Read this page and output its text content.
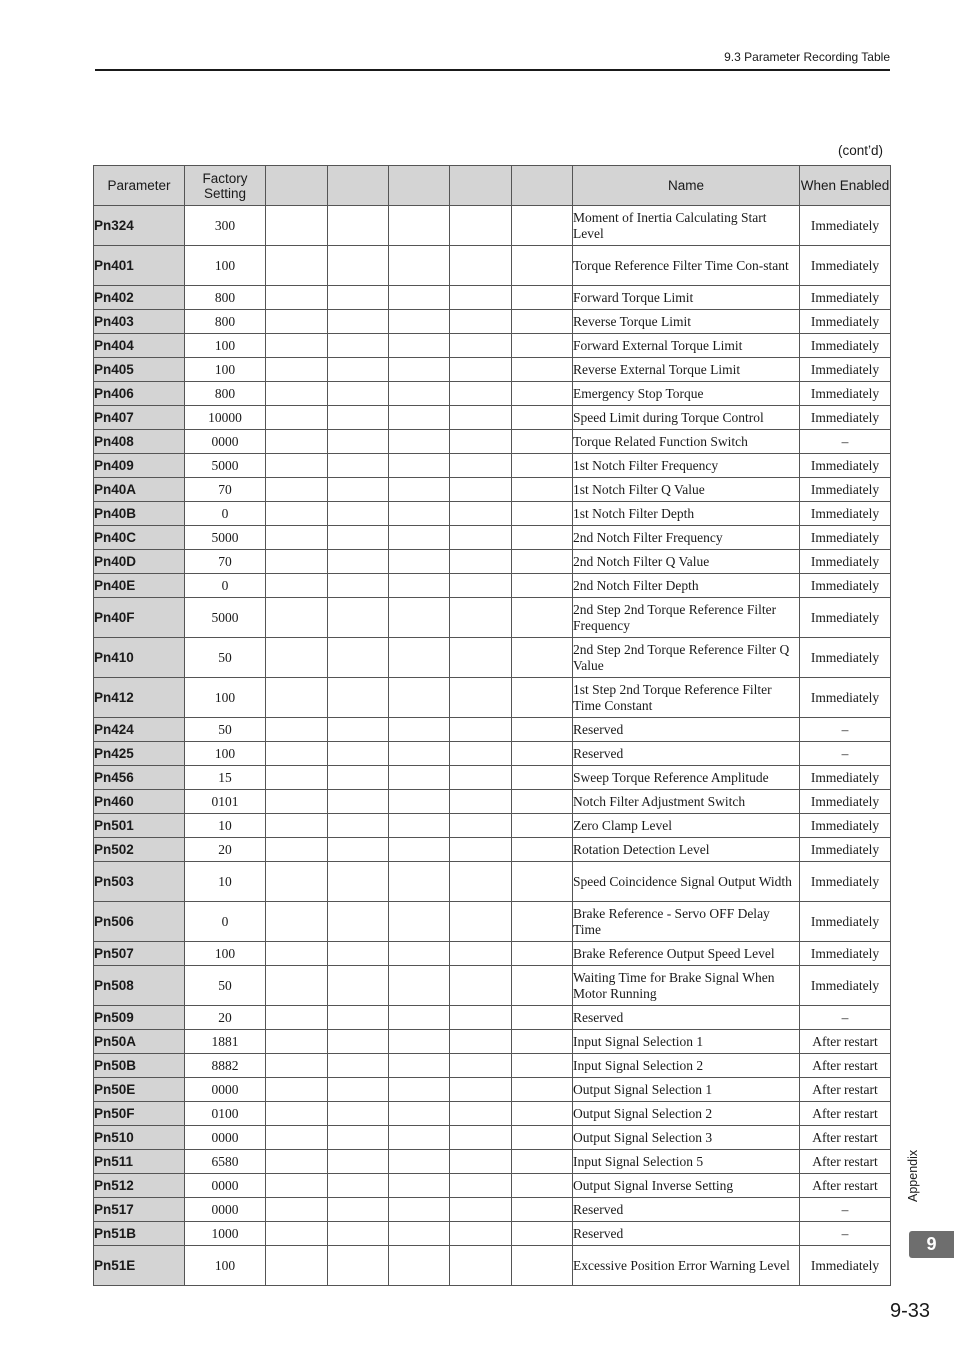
9.3 Parameter Recording Table
(cont’d)
Parameter	Factory Setting						Name	When Enabled
Pn324	300						Moment of Inertia Calculating Start Level	Immediately
Pn401	100						Torque Reference Filter Time Con-stant	Immediately
Pn402	800						Forward Torque Limit	Immediately
Pn403	800						Reverse Torque Limit	Immediately
Pn404	100						Forward External Torque Limit	Immediately
Pn405	100						Reverse External Torque Limit	Immediately
Pn406	800						Emergency Stop Torque	Immediately
Pn407	10000						Speed Limit during Torque Control	Immediately
Pn408	0000						Torque Related Function Switch	–
Pn409	5000						1st Notch Filter Frequency	Immediately
Pn40A	70						1st Notch Filter Q Value	Immediately
Pn40B	0						1st Notch Filter Depth	Immediately
Pn40C	5000						2nd Notch Filter Frequency	Immediately
Pn40D	70						2nd Notch Filter Q Value	Immediately
Pn40E	0						2nd Notch Filter Depth	Immediately
Pn40F	5000						2nd Step 2nd Torque Reference Filter Frequency	Immediately
Pn410	50						2nd Step 2nd Torque Reference Filter Q Value	Immediately
Pn412	100						1st Step 2nd Torque Reference Filter Time Constant	Immediately
Pn424	50						Reserved	–
Pn425	100						Reserved	–
Pn456	15						Sweep Torque Reference Amplitude	Immediately
Pn460	0101						Notch Filter Adjustment Switch	Immediately
Pn501	10						Zero Clamp Level	Immediately
Pn502	20						Rotation Detection Level	Immediately
Pn503	10						Speed Coincidence Signal Output Width	Immediately
Pn506	0						Brake Reference - Servo OFF Delay Time	Immediately
Pn507	100						Brake Reference Output Speed Level	Immediately
Pn508	50						Waiting Time for Brake Signal When Motor Running	Immediately
Pn509	20						Reserved	–
Pn50A	1881						Input Signal Selection 1	After restart
Pn50B	8882						Input Signal Selection 2	After restart
Pn50E	0000						Output Signal Selection 1	After restart
Pn50F	0100						Output Signal Selection 2	After restart
Pn510	0000						Output Signal Selection 3	After restart
Pn511	6580						Input Signal Selection 5	After restart
Pn512	0000						Output Signal Inverse Setting	After restart
Pn517	0000						Reserved	–
Pn51B	1000						Reserved	–
Pn51E	100						Excessive Position Error Warning Level	Immediately
Appendix
9
9-33
